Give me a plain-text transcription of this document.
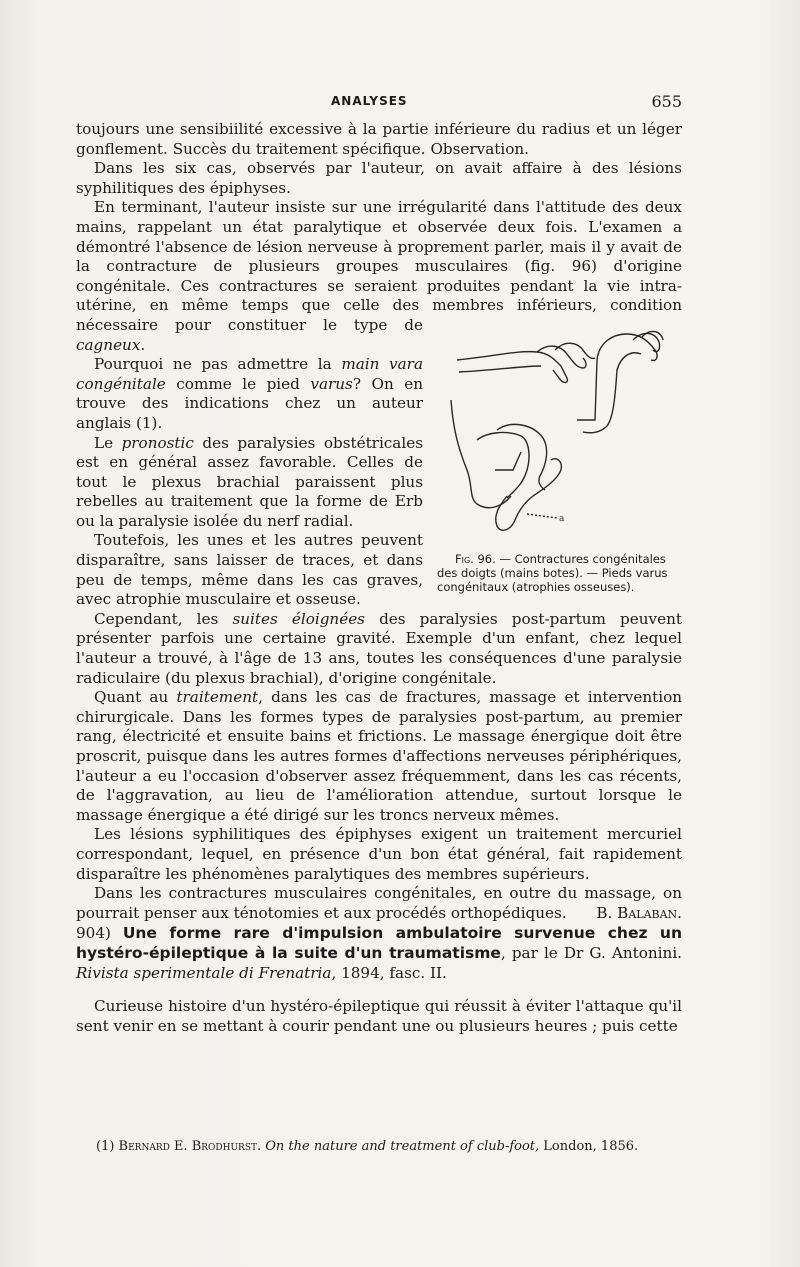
ANALYSES	655

toujours une sensibiilité excessive à la partie inférieure du radius et un léger gonflement. Succès du traitement spécifique. Observation.

Dans les six cas, observés par l'auteur, on avait affaire à des lésions syphilitiques des épiphyses.

En terminant, l'auteur insiste sur une irrégularité dans l'attitude des deux mains, rappelant un état paralytique et observée deux fois. L'examen a démontré l'absence de lésion nerveuse à proprement parler, mais il y avait de la contracture de plusieurs groupes musculaires (fig. 96) d'origine congénitale. Ces contractures se seraient produites pendant la vie intra-utérine, en même temps que celle des membres inférieurs, condition nécessaire pour constituer le type de
a
Fig. 96. — Contractures congénitales des doigts (mains botes). — Pieds varus congénitaux (atrophies osseuses).
cagneux.

Pourquoi ne pas admettre la main vara congénitale comme le pied varus? On en trouve des indications chez un auteur anglais (1).

Le pronostic des paralysies obstétricales est en général assez favorable. Celles de tout le plexus brachial paraissent plus rebelles au traitement que la forme de Erb ou la paralysie isolée du nerf radial.

Toutefois, les unes et les autres peuvent disparaître, sans laisser de traces, et dans peu de temps, même dans les cas graves, avec atrophie musculaire et osseuse.

Cependant, les suites éloignées des paralysies post-partum peuvent présenter parfois une certaine gravité. Exemple d'un enfant, chez lequel l'auteur a trouvé, à l'âge de 13 ans, toutes les conséquences d'une paralysie radiculaire (du plexus brachial), d'origine congénitale.

Quant au traitement, dans les cas de fractures, massage et intervention chirurgicale. Dans les formes types de paralysies post-partum, au premier rang, électricité et ensuite bains et frictions. Le massage énergique doit être proscrit, puisque dans les autres formes d'affections nerveuses périphériques, l'auteur a eu l'occasion d'observer assez fréquemment, dans les cas récents, de l'aggravation, au lieu de l'amélioration attendue, surtout lorsque le massage énergique a été dirigé sur les troncs nerveux mêmes.

Les lésions syphilitiques des épiphyses exigent un traitement mercuriel correspondant, lequel, en présence d'un bon état général, fait rapidement disparaître les phénomènes paralytiques des membres supérieurs.

Dans les contractures musculaires congénitales, en outre du massage, on pourrait penser aux ténotomies et aux procédés orthopédiques.	B. Balaban.

904) Une forme rare d'impulsion ambulatoire survenue chez un hystéro-épileptique à la suite d'un traumatisme, par le Dr G. Antonini. Rivista sperimentale di Frenatria, 1894, fasc. II.

Curieuse histoire d'un hystéro-épileptique qui réussit à éviter l'attaque qu'il sent venir en se mettant à courir pendant une ou plusieurs heures ; puis cette

(1) Bernard E. Brodhurst. On the nature and treatment of club-foot, London, 1856.
